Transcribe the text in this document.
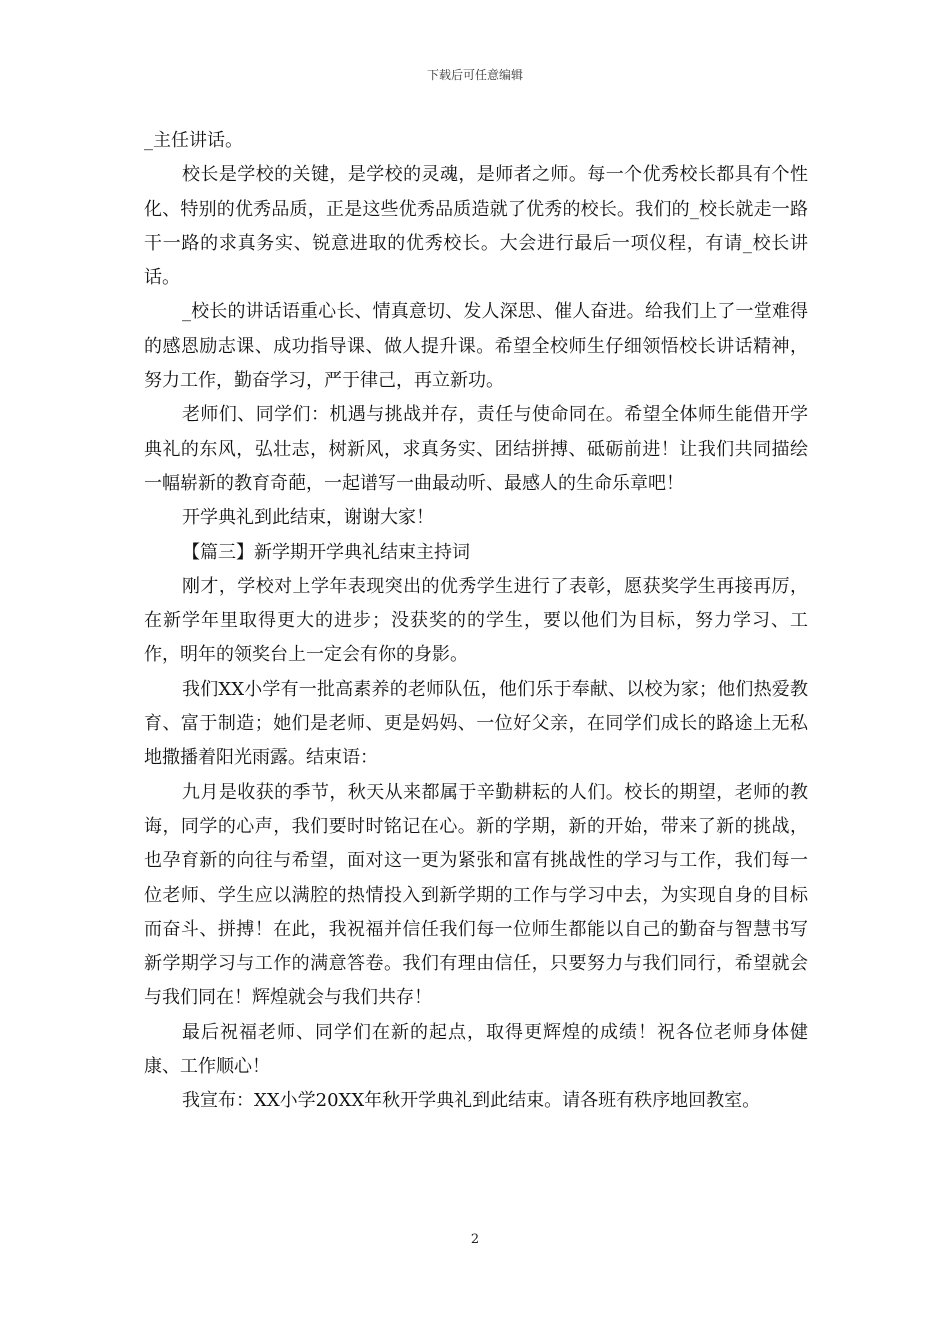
下载后可任意编辑

_主任讲话。

校长是学校的关键，是学校的灵魂，是师者之师。每一个优秀校长都具有个性化、特别的优秀品质，正是这些优秀品质造就了优秀的校长。我们的_校长就走一路干一路的求真务实、锐意进取的优秀校长。大会进行最后一项仪程，有请_校长讲话。

_校长的讲话语重心长、情真意切、发人深思、催人奋进。给我们上了一堂难得的感恩励志课、成功指导课、做人提升课。希望全校师生仔细领悟校长讲话精神，努力工作，勤奋学习，严于律己，再立新功。

老师们、同学们：机遇与挑战并存，责任与使命同在。希望全体师生能借开学典礼的东风，弘壮志，树新风，求真务实、团结拼搏、砥砺前进！让我们共同描绘一幅崭新的教育奇葩，一起谱写一曲最动听、最感人的生命乐章吧！

开学典礼到此结束，谢谢大家！

【篇三】新学期开学典礼结束主持词

刚才，学校对上学年表现突出的优秀学生进行了表彰，愿获奖学生再接再厉，在新学年里取得更大的进步；没获奖的的学生，要以他们为目标，努力学习、工作，明年的领奖台上一定会有你的身影。

我们XX小学有一批高素养的老师队伍，他们乐于奉献、以校为家；他们热爱教育、富于制造；她们是老师、更是妈妈、一位好父亲，在同学们成长的路途上无私地撒播着阳光雨露。结束语：

九月是收获的季节，秋天从来都属于辛勤耕耘的人们。校长的期望，老师的教诲，同学的心声，我们要时时铭记在心。新的学期，新的开始，带来了新的挑战，也孕育新的向往与希望，面对这一更为紧张和富有挑战性的学习与工作，我们每一位老师、学生应以满腔的热情投入到新学期的工作与学习中去，为实现自身的目标而奋斗、拼搏！在此，我祝福并信任我们每一位师生都能以自己的勤奋与智慧书写新学期学习与工作的满意答卷。我们有理由信任，只要努力与我们同行，希望就会与我们同在！辉煌就会与我们共存！

最后祝福老师、同学们在新的起点，取得更辉煌的成绩！祝各位老师身体健康、工作顺心！

我宣布：XX小学20XX年秋开学典礼到此结束。请各班有秩序地回教室。

2
